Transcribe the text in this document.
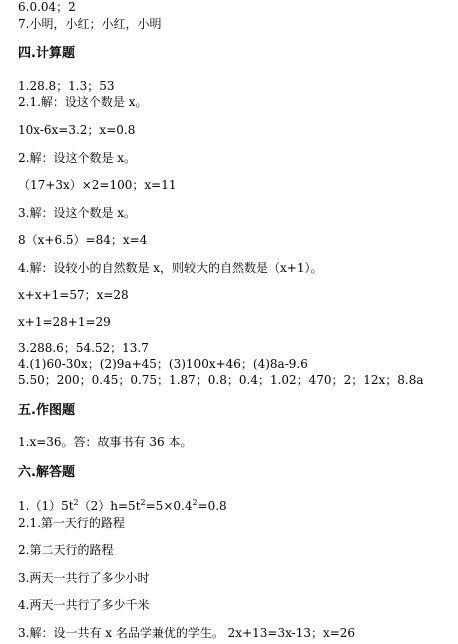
6.0.04；2
7.小明，小红；小红，小明
四.计算题
1.28.8；1.3；53
2.1.解：设这个数是 x。
10x-6x=3.2；x=0.8
2.解：设这个数是 x。
（17+3x）×2=100；x=11
3.解：设这个数是 x。
8（x+6.5）=84；x=4
4.解：设较小的自然数是 x，则较大的自然数是（x+1）。
x+x+1=57；x=28
x+1=28+1=29
3.288.6；54.52；13.7
4.(1)60-30x；(2)9a+45；(3)100x+46；(4)8a-9.6
5.50；200；0.45；0.75；1.87；0.8；0.4；1.02；470；2；12x；8.8a
五.作图题
1.x=36。答：故事书有 36 本。
六.解答题
$1.(1)5t^2(2)h=5t^2=5\times 0.4^2=0.8$
2.1.第一天行的路程
2.第二天行的路程
3.两天一共行了多少小时
4.两天一共行了多少千米
3.解：设一共有 x 名品学兼优的学生。 2x+13=3x-13；x=26
